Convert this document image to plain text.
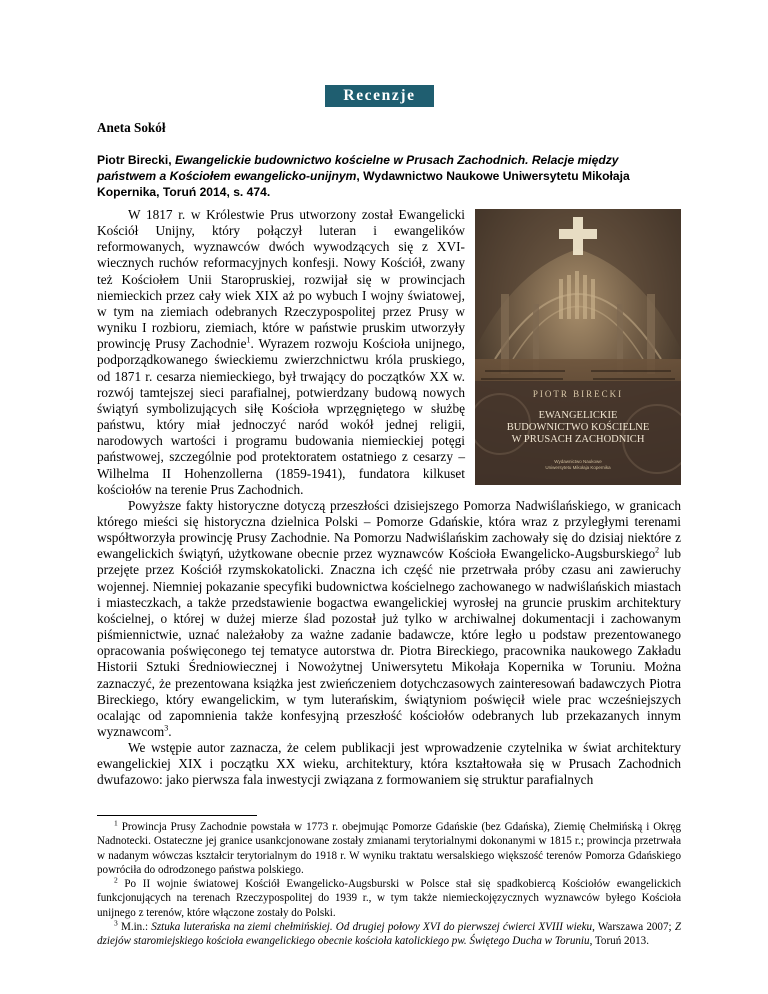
Recenzje
Aneta Sokół
Piotr Birecki, Ewangelickie budownictwo kościelne w Prusach Zachodnich. Relacje między państwem a Kościołem ewangelicko-unijnym, Wydawnictwo Naukowe Uniwersytetu Mikołaja Kopernika, Toruń 2014, s. 474.
PIOTR BIRECKI
EWANGELICKIE
BUDOWNICTWO KOŚCIELNE
W PRUSACH ZACHODNICH
Wydawnictwo Naukowe
Uniwersytetu Mikołaja Kopernika

W 1817 r. w Królestwie Prus utworzony został Ewangelicki Kościół Unijny, który połączył luteran i ewangelików reformowanych, wyznawców dwóch wywodzących się z XVI-wiecznych ruchów reformacyjnych konfesji. Nowy Kościół, zwany też Kościołem Unii Staropruskiej, rozwijał się w prowincjach niemieckich przez cały wiek XIX aż po wybuch I wojny światowej, w tym na ziemiach odebranych Rzeczypospolitej przez Prusy w wyniku I rozbioru, ziemiach, które w państwie pruskim utworzyły prowincję Prusy Zachodnie$^1$. Wyrazem rozwoju Kościoła unijnego, podporządkowanego świeckiemu zwierzchnictwu króla pruskiego, od 1871 r. cesarza niemieckiego, był trwający do początków XX w. rozwój tamtejszej sieci parafialnej, potwierdzany budową nowych świątyń symbolizujących siłę Kościoła wprzęgniętego w służbę państwu, który miał jednoczyć naród wokół jednej religii, narodowych wartości i programu budowania niemieckiej potęgi państwowej, szczególnie pod protektoratem ostatniego z cesarzy – Wilhelma II Hohenzollerna (1859-1941), fundatora kilkuset kościołów na terenie Prus Zachodnich.

Powyższe fakty historyczne dotyczą przeszłości dzisiejszego Pomorza Nadwiślańskiego, w granicach którego mieści się historyczna dzielnica Polski – Pomorze Gdańskie, która wraz z przyległymi terenami współtworzyła prowincję Prusy Zachodnie. Na Pomorzu Nadwiślańskim zachowały się do dzisiaj niektóre z ewangelickich świątyń, użytkowane obecnie przez wyznawców Kościoła Ewangelicko-Augsburskiego$^2$ lub przejęte przez Kościół rzymskokatolicki. Znaczna ich część nie przetrwała próby czasu ani zawieruchy wojennej. Niemniej pokazanie specyfiki budownictwa kościelnego zachowanego w nadwiślańskich miastach i miasteczkach, a także przedstawienie bogactwa ewangelickiej wyrosłej na gruncie pruskim architektury kościelnej, o której w dużej mierze ślad pozostał już tylko w archiwalnej dokumentacji i zachowanym piśmiennictwie, uznać należałoby za ważne zadanie badawcze, które legło u podstaw prezentowanego opracowania poświęconego tej tematyce autorstwa dr. Piotra Bireckiego, pracownika naukowego Zakładu Historii Sztuki Średniowiecznej i Nowożytnej Uniwersytetu Mikołaja Kopernika w Toruniu. Można zaznaczyć, że prezentowana książka jest zwieńczeniem dotychczasowych zainteresowań badawczych Piotra Bireckiego, który ewangelickim, w tym luterańskim, świątyniom poświęcił wiele prac wcześniejszych ocalając od zapomnienia także konfesyjną przeszłość kościołów odebranych lub przekazanych innym wyznawcom$^3$.

We wstępie autor zaznacza, że celem publikacji jest wprowadzenie czytelnika w świat architektury ewangelickiej XIX i początku XX wieku, architektury, która kształtowała się w Prusach Zachodnich dwufazowo: jako pierwsza fala inwestycji związana z formowaniem się struktur parafialnych

$^1$ Prowincja Prusy Zachodnie powstała w 1773 r. obejmując Pomorze Gdańskie (bez Gdańska), Ziemię Chełmińską i Okręg Nadnotecki. Ostateczne jej granice usankcjonowane zostały zmianami terytorialnymi dokonanymi w 1815 r.; prowincja przetrwała w nadanym wówczas kształcir terytorialnym do 1918 r. W wyniku traktatu wersalskiego większość terenów Pomorza Gdańskiego powróciła do odrodzonego państwa polskiego.

$^2$ Po II wojnie światowej Kościół Ewangelicko-Augsburski w Polsce stał się spadkobiercą Kościołów ewangelickich funkcjonujących na terenach Rzeczypospolitej do 1939 r., w tym także niemieckojęzycznych wyznawców byłego Kościoła unijnego z terenów, które włączone zostały do Polski.

$^3$ M.in.: Sztuka luterańska na ziemi chełmińskiej. Od drugiej połowy XVI do pierwszej ćwierci XVIII wieku, Warszawa 2007; Z dziejów staromiejskiego kościoła ewangelickiego obecnie kościoła katolickiego pw. Świętego Ducha w Toruniu, Toruń 2013.
